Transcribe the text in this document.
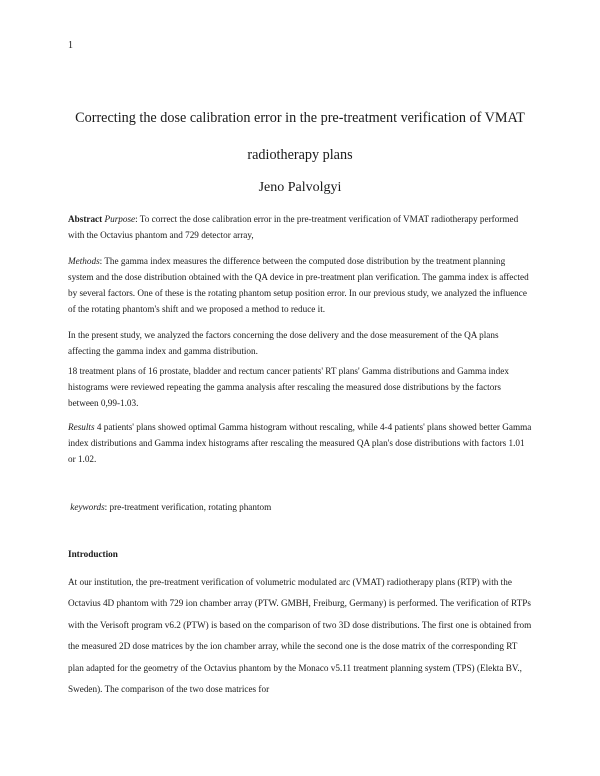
1
Correcting the dose calibration error in the pre-treatment verification of VMAT
radiotherapy plans
Jeno Palvolgyi

Abstract Purpose: To correct the dose calibration error in the pre-treatment verification of VMAT radiotherapy performed with the Octavius phantom and 729 detector array,

Methods: The gamma index measures the difference between the computed dose distribution by the treatment planning system and the dose distribution obtained with the QA device in pre-treatment plan verification. The gamma index is affected by several factors. One of these is the rotating phantom setup position error. In our previous study, we analyzed the influence of the rotating phantom's shift and we proposed a method to reduce it.

In the present study, we analyzed the factors concerning the dose delivery and the dose measurement of the QA plans affecting the gamma index and gamma distribution.

18 treatment plans of 16 prostate, bladder and rectum cancer patients' RT plans' Gamma distributions and Gamma index histograms were reviewed repeating the gamma analysis after rescaling the measured dose distributions by the factors between 0,99-1.03.

Results 4 patients' plans showed optimal Gamma histogram without rescaling, while 4-4 patients' plans showed better Gamma index distributions and Gamma index histograms after rescaling the measured QA plan's dose distributions with factors 1.01 or 1.02.

keywords: pre-treatment verification, rotating phantom

Introduction

At our institution, the pre-treatment verification of volumetric modulated arc (VMAT) radiotherapy plans (RTP) with the Octavius 4D phantom with 729 ion chamber array (PTW. GMBH, Freiburg, Germany) is performed. The verification of RTPs with the Verisoft program v6.2 (PTW) is based on the comparison of two 3D dose distributions. The first one is obtained from the measured 2D dose matrices by the ion chamber array, while the second one is the dose matrix of the corresponding RT plan adapted for the geometry of the Octavius phantom by the Monaco v5.11 treatment planning system (TPS) (Elekta BV., Sweden). The comparison of the two dose matrices for
